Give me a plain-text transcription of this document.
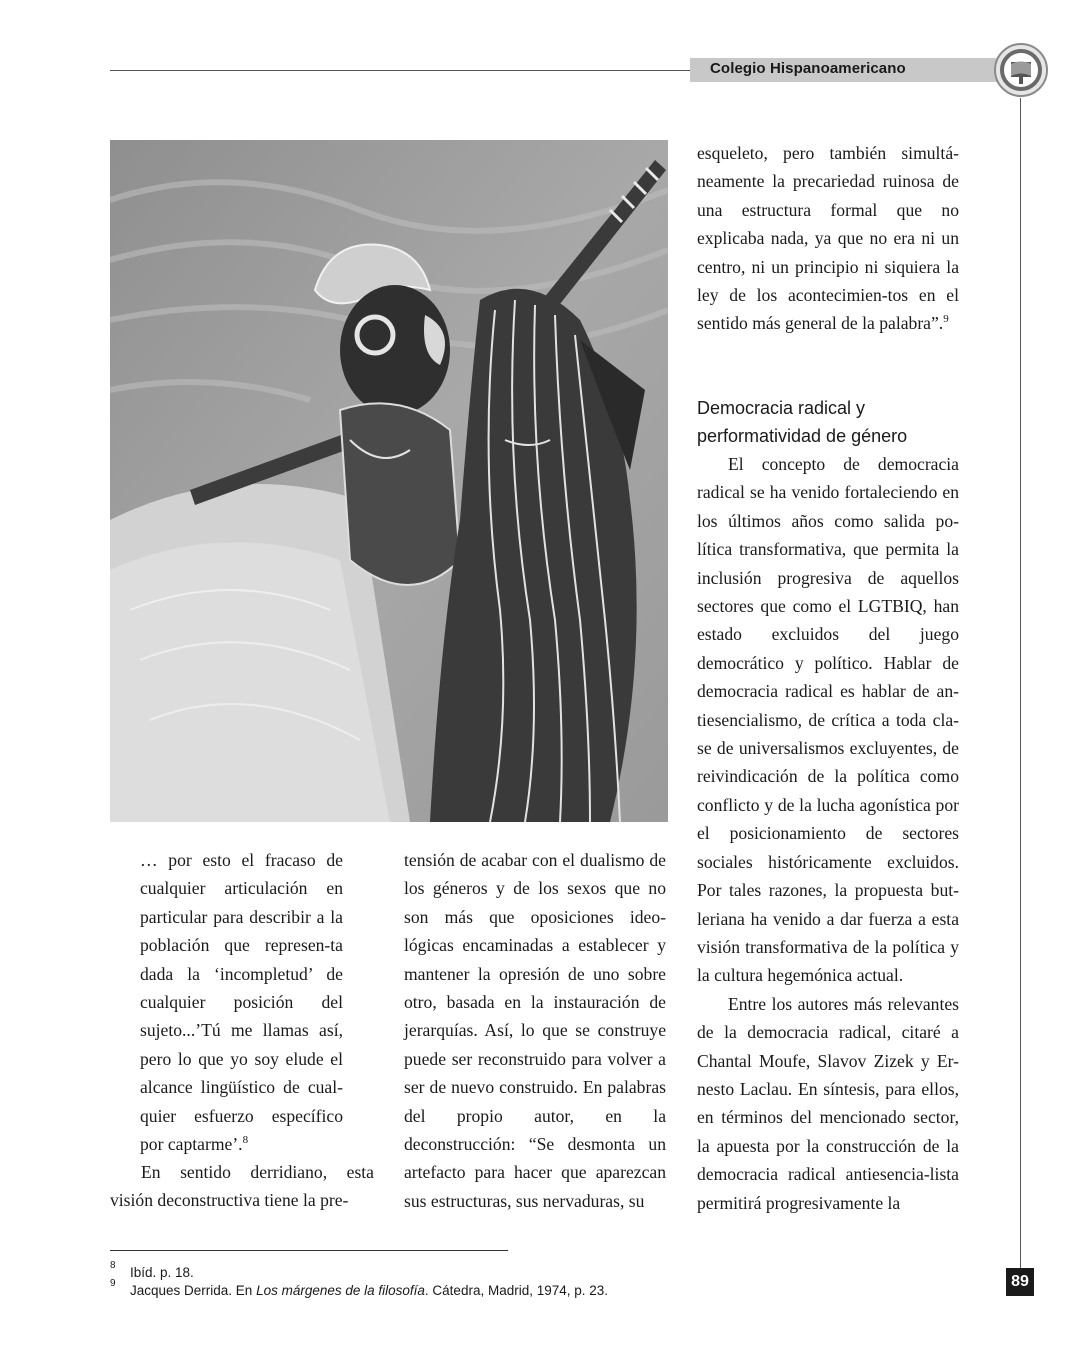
Colegio Hispanoamericano

… por esto el fracaso de cualquier articulación en particular para describir a la población que represen-ta dada la ‘incompletud’ de cualquier posición del sujeto...’Tú me llamas así, pero lo que yo soy elude el alcance lingüístico de cual-quier esfuerzo específico por captarme’.$^8$

En sentido derridiano, esta visión deconstructiva tiene la pre-

tensión de acabar con el dualismo de los géneros y de los sexos que no son más que oposiciones ideo-lógicas encaminadas a establecer y mantener la opresión de uno sobre otro, basada en la instauración de jerarquías. Así, lo que se construye puede ser reconstruido para volver a ser de nuevo construido. En palabras del propio autor, en la deconstrucción: “Se desmonta un artefacto para hacer que aparezcan sus estructuras, sus nervaduras, su

esqueleto, pero también simultá-neamente la precariedad ruinosa de una estructura formal que no explicaba nada, ya que no era ni un centro, ni un principio ni siquiera la ley de los acontecimien-tos en el sentido más general de la palabra”.$^9$

Democracia radical y performatividad de género

El concepto de democracia radical se ha venido fortaleciendo en los últimos años como salida po-lítica transformativa, que permita la inclusión progresiva de aquellos sectores que como el LGTBIQ, han estado excluidos del juego democrático y político. Hablar de democracia radical es hablar de an-tiesencialismo, de crítica a toda cla-se de universalismos excluyentes, de reivindicación de la política como conflicto y de la lucha agonística por el posicionamiento de sectores sociales históricamente excluidos. Por tales razones, la propuesta but-leriana ha venido a dar fuerza a esta visión transformativa de la política y la cultura hegemónica actual.

Entre los autores más relevantes de la democracia radical, citaré a Chantal Moufe, Slavov Zizek y Er-nesto Laclau. En síntesis, para ellos, en términos del mencionado sector, la apuesta por la construcción de la democracia radical antiesencia-lista permitirá progresivamente la

8 Ibíd. p. 18.
9 Jacques Derrida. En Los márgenes de la filosofía. Cátedra, Madrid, 1974, p. 23.
89
